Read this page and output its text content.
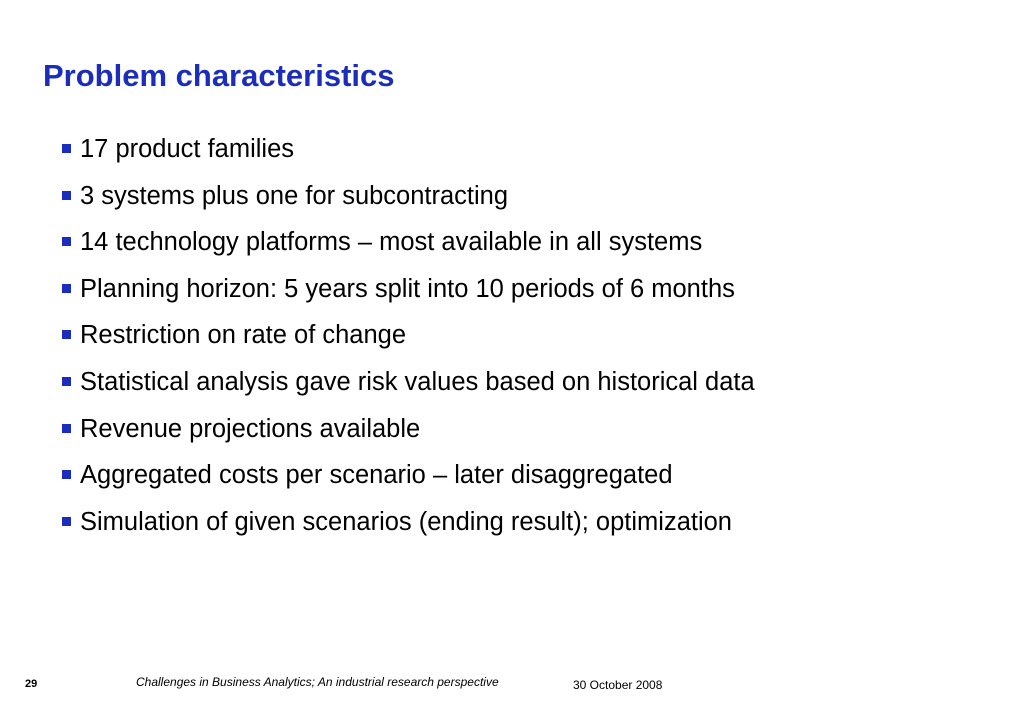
Problem characteristics
17 product families
3 systems plus one for subcontracting
14 technology platforms – most available in all systems
Planning horizon: 5 years split into 10 periods of 6 months
Restriction on rate of change
Statistical analysis gave risk values based on historical data
Revenue projections available
Aggregated costs per scenario – later disaggregated
Simulation of given scenarios (ending result); optimization
29	Challenges in Business Analytics; An industrial research perspective	30 October 2008
